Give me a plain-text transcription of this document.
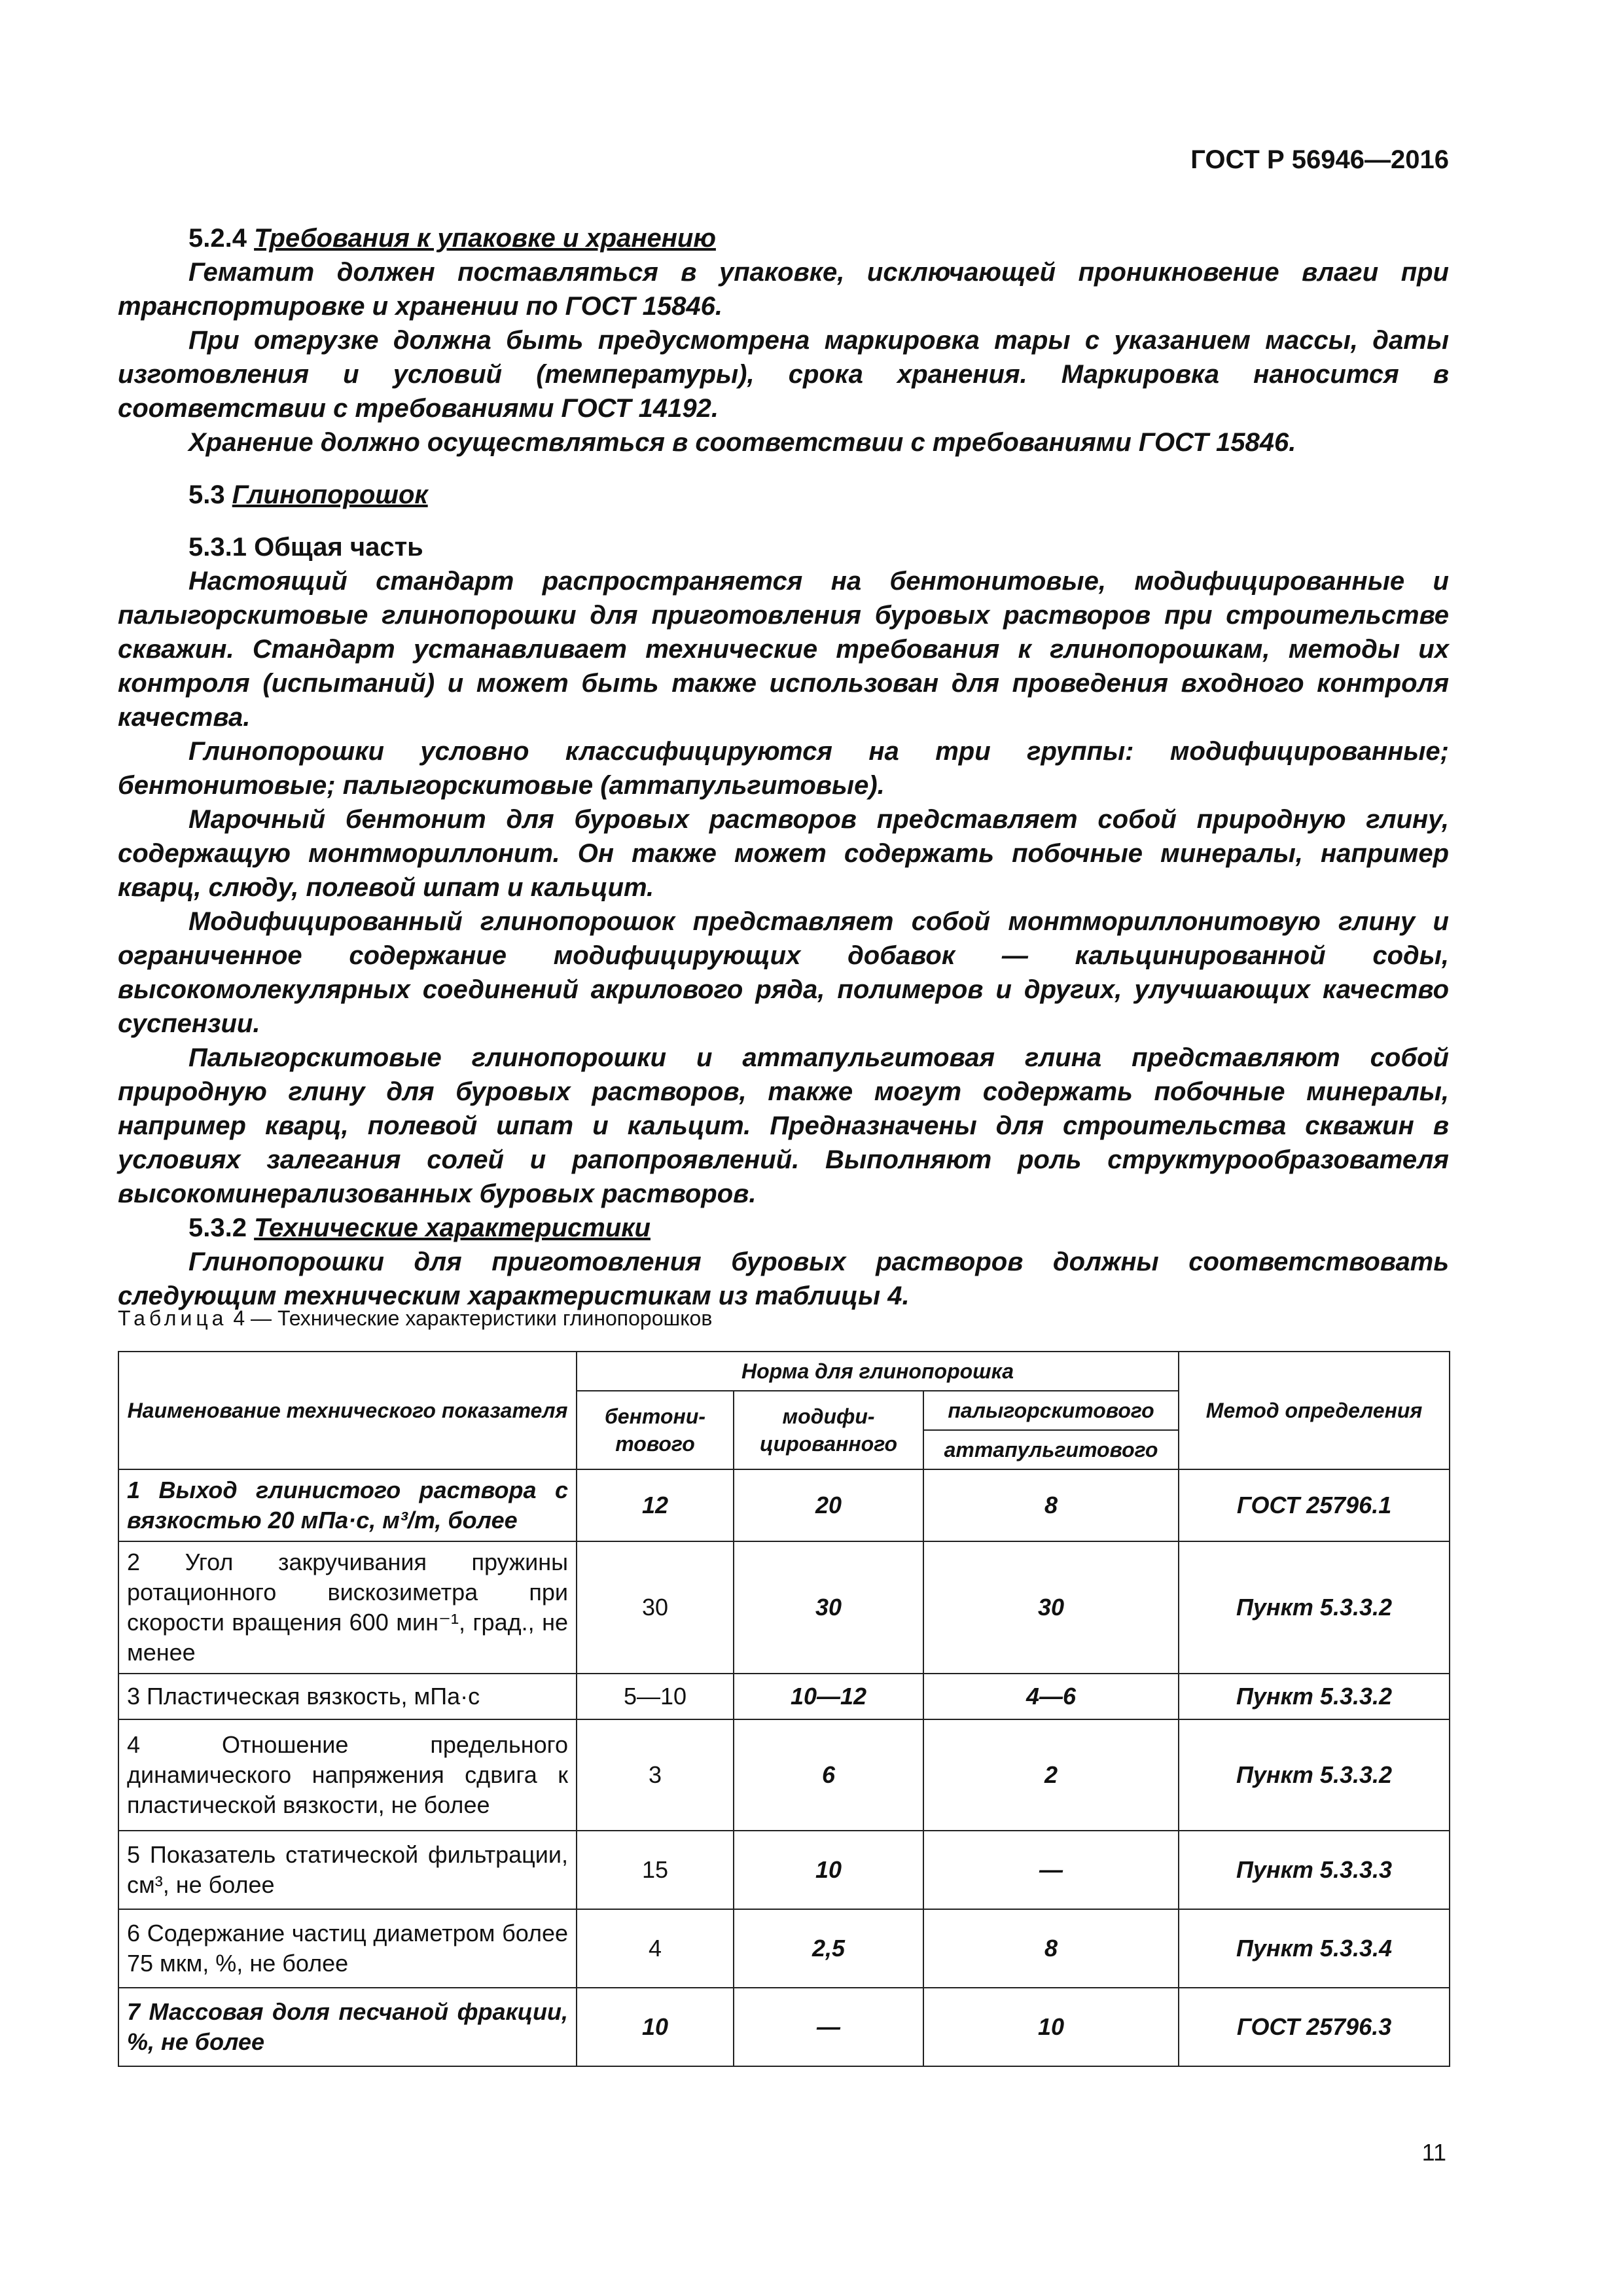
ГОСТ Р 56946—2016

5.2.4 Требования к упаковке и хранению

Гематит должен поставляться в упаковке, исключающей проникновение влаги при транспортировке и хранении по ГОСТ 15846.

При отгрузке должна быть предусмотрена маркировка тары с указанием массы, даты изготовления и условий (температуры), срока хранения. Маркировка наносится в соответствии с требованиями ГОСТ 14192.

Хранение должно осуществляться в соответствии с требованиями ГОСТ 15846.

5.3 Глинопорошок

5.3.1 Общая часть

Настоящий стандарт распространяется на бентонитовые, модифицированные и палыгорскитовые глинопорошки для приготовления буровых растворов при строительстве скважин. Стандарт устанавливает технические требования к глинопорошкам, методы их контроля (испытаний) и может быть также использован для проведения входного контроля качества.

Глинопорошки условно классифицируются на три группы: модифицированные; бентонитовые; палыгорскитовые (аттапульгитовые).

Марочный бентонит для буровых растворов представляет собой природную глину, содержащую монтмориллонит. Он также может содержать побочные минералы, например кварц, слюду, полевой шпат и кальцит.

Модифицированный глинопорошок представляет собой монтмориллонитовую глину и ограниченное содержание модифицирующих добавок — кальцинированной соды, высокомолекулярных соединений акрилового ряда, полимеров и других, улучшающих качество суспензии.

Палыгорскитовые глинопорошки и аттапульгитовая глина представляют собой природную глину для буровых растворов, также могут содержать побочные минералы, например кварц, полевой шпат и кальцит. Предназначены для строительства скважин в условиях залегания солей и рапопроявлений. Выполняют роль структурообразователя высокоминерализованных буровых растворов.

5.3.2 Технические характеристики

Глинопорошки для приготовления буровых растворов должны соответствовать следующим техническим характеристикам из таблицы 4.

Таблица 4 — Технические характеристики глинопорошков
Наименование технического показателя	Норма для глинопорошка			Метод определения
	бентони-тового	модифи-цированного	палыгорскитового	
			аттапульгитового	
1 Выход глинистого раствора с вязкостью 20 мПа·с, м³/т, более	12	20	8	ГОСТ 25796.1
2 Угол закручивания пружины ротационного вискозиметра при скорости вращения 600 мин⁻¹, град., не менее	30	30	30	Пункт 5.3.3.2
3 Пластическая вязкость, мПа·с	5—10	10—12	4—6	Пункт 5.3.3.2
4 Отношение предельного динамического напряжения сдвига к пластической вязкости, не более	3	6	2	Пункт 5.3.3.2
5 Показатель статической фильтрации, см³, не более	15	10	—	Пункт 5.3.3.3
6 Содержание частиц диаметром более 75 мкм, %, не более	4	2,5	8	Пункт 5.3.3.4
7 Массовая доля песчаной фракции, %, не более	10	—	10	ГОСТ 25796.3
11
